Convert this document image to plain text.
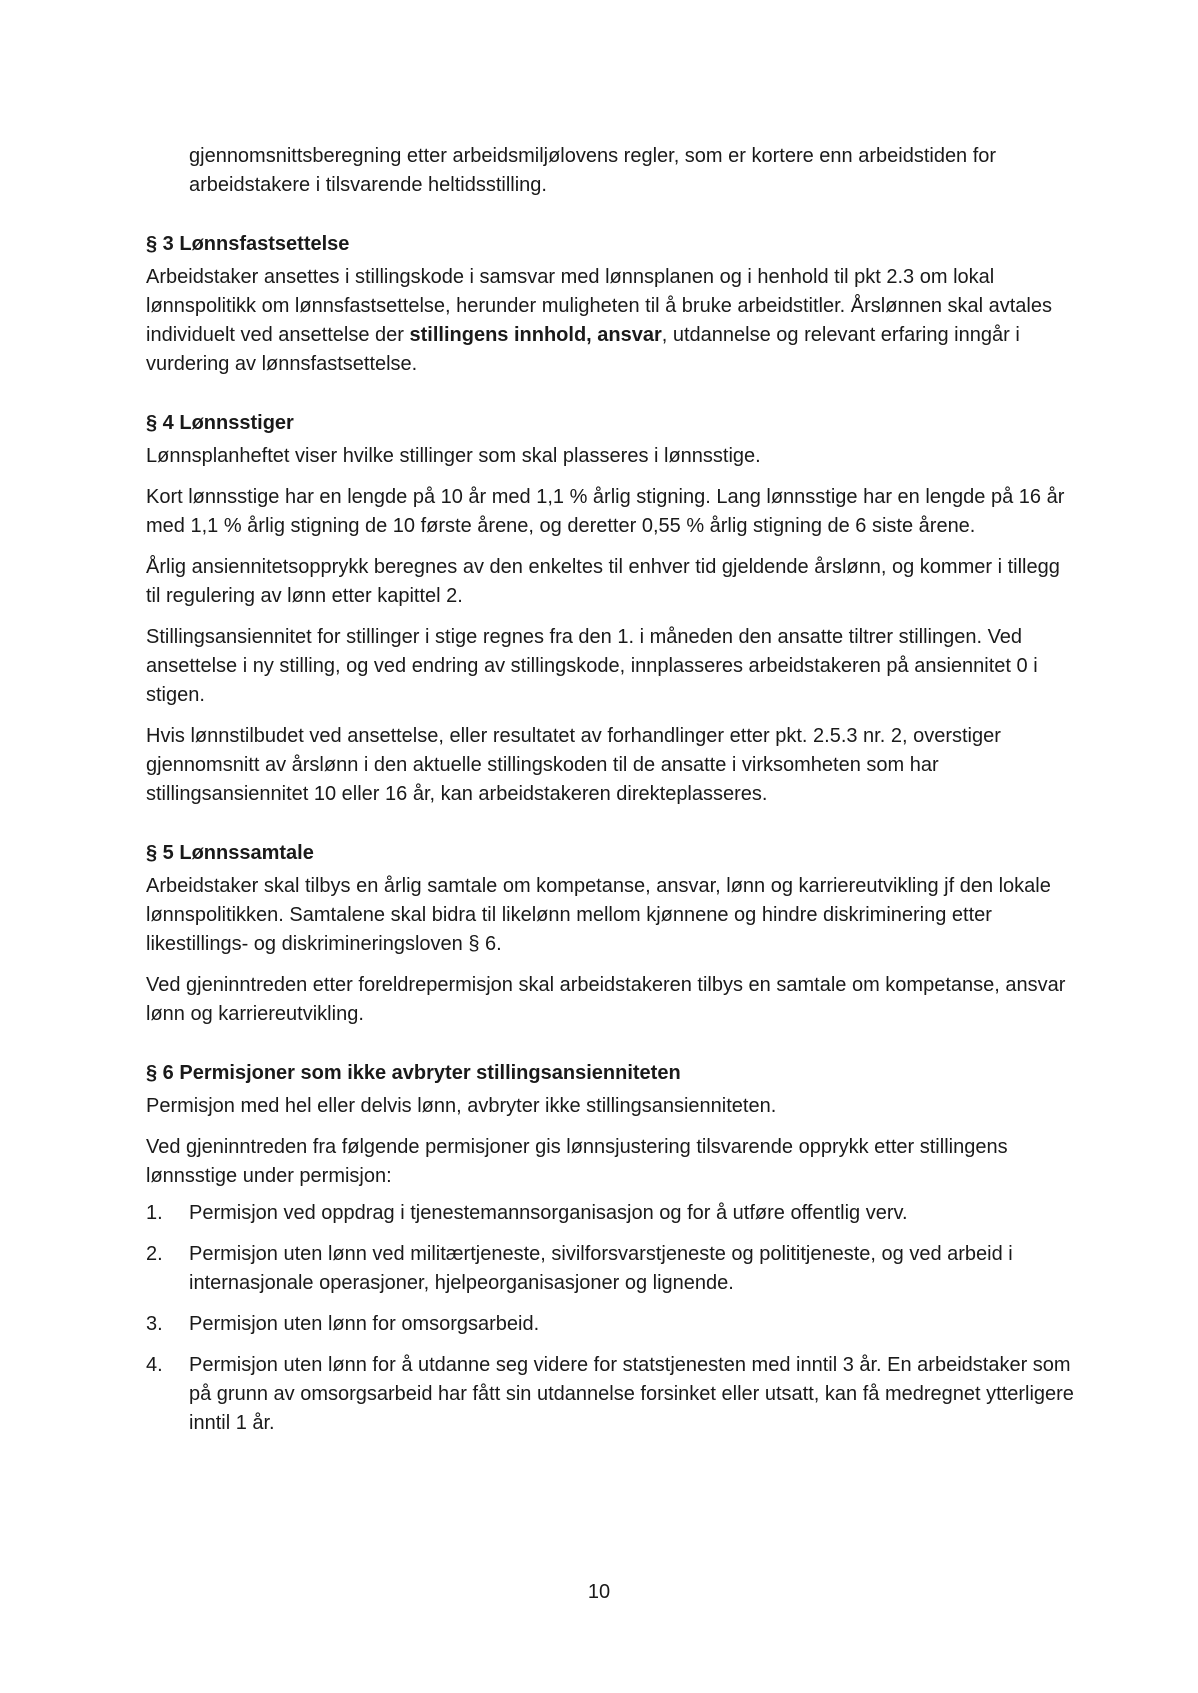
gjennomsnittsberegning etter arbeidsmiljølovens regler, som er kortere enn arbeidstiden for arbeidstakere i tilsvarende heltidsstilling.

§ 3 Lønnsfastsettelse

Arbeidstaker ansettes i stillingskode i samsvar med lønnsplanen og i henhold til pkt 2.3 om lokal lønnspolitikk om lønnsfastsettelse, herunder muligheten til å bruke arbeidstitler. Årslønnen skal avtales individuelt ved ansettelse der stillingens innhold, ansvar, utdannelse og relevant erfaring inngår i vurdering av lønnsfastsettelse.

§ 4 Lønnsstiger

Lønnsplanheftet viser hvilke stillinger som skal plasseres i lønnsstige.

Kort lønnsstige har en lengde på 10 år med 1,1 % årlig stigning. Lang lønnsstige har en lengde på 16 år med 1,1 % årlig stigning de 10 første årene, og deretter 0,55 % årlig stigning de 6 siste årene.

Årlig ansiennitetsopprykk beregnes av den enkeltes til enhver tid gjeldende årslønn, og kommer i tillegg til regulering av lønn etter kapittel 2.

Stillingsansiennitet for stillinger i stige regnes fra den 1. i måneden den ansatte tiltrer stillingen. Ved ansettelse i ny stilling, og ved endring av stillingskode, innplasseres arbeidstakeren på ansiennitet 0 i stigen.

Hvis lønnstilbudet ved ansettelse, eller resultatet av forhandlinger etter pkt. 2.5.3 nr. 2, overstiger gjennomsnitt av årslønn i den aktuelle stillingskoden til de ansatte i virksomheten som har stillingsansiennitet 10 eller 16 år, kan arbeidstakeren direkteplasseres.

§ 5 Lønnssamtale

Arbeidstaker skal tilbys en årlig samtale om kompetanse, ansvar, lønn og karriereutvikling jf den lokale lønnspolitikken. Samtalene skal bidra til likelønn mellom kjønnene og hindre diskriminering etter likestillings- og diskrimineringsloven § 6.

Ved gjeninntreden etter foreldrepermisjon skal arbeidstakeren tilbys en samtale om kompetanse, ansvar lønn og karriereutvikling.

§ 6 Permisjoner som ikke avbryter stillingsansienniteten

Permisjon med hel eller delvis lønn, avbryter ikke stillingsansienniteten.

Ved gjeninntreden fra følgende permisjoner gis lønnsjustering tilsvarende opprykk etter stillingens lønnsstige under permisjon:

1.	Permisjon ved oppdrag i tjenestemannsorganisasjon og for å utføre offentlig verv.
2.	Permisjon uten lønn ved militærtjeneste, sivilforsvarstjeneste og polititjeneste, og ved arbeid i internasjonale operasjoner, hjelpeorganisasjoner og lignende.
3.	Permisjon uten lønn for omsorgsarbeid.
4.	Permisjon uten lønn for å utdanne seg videre for statstjenesten med inntil 3 år. En arbeidstaker som på grunn av omsorgsarbeid har fått sin utdannelse forsinket eller utsatt, kan få medregnet ytterligere inntil 1 år.
10
